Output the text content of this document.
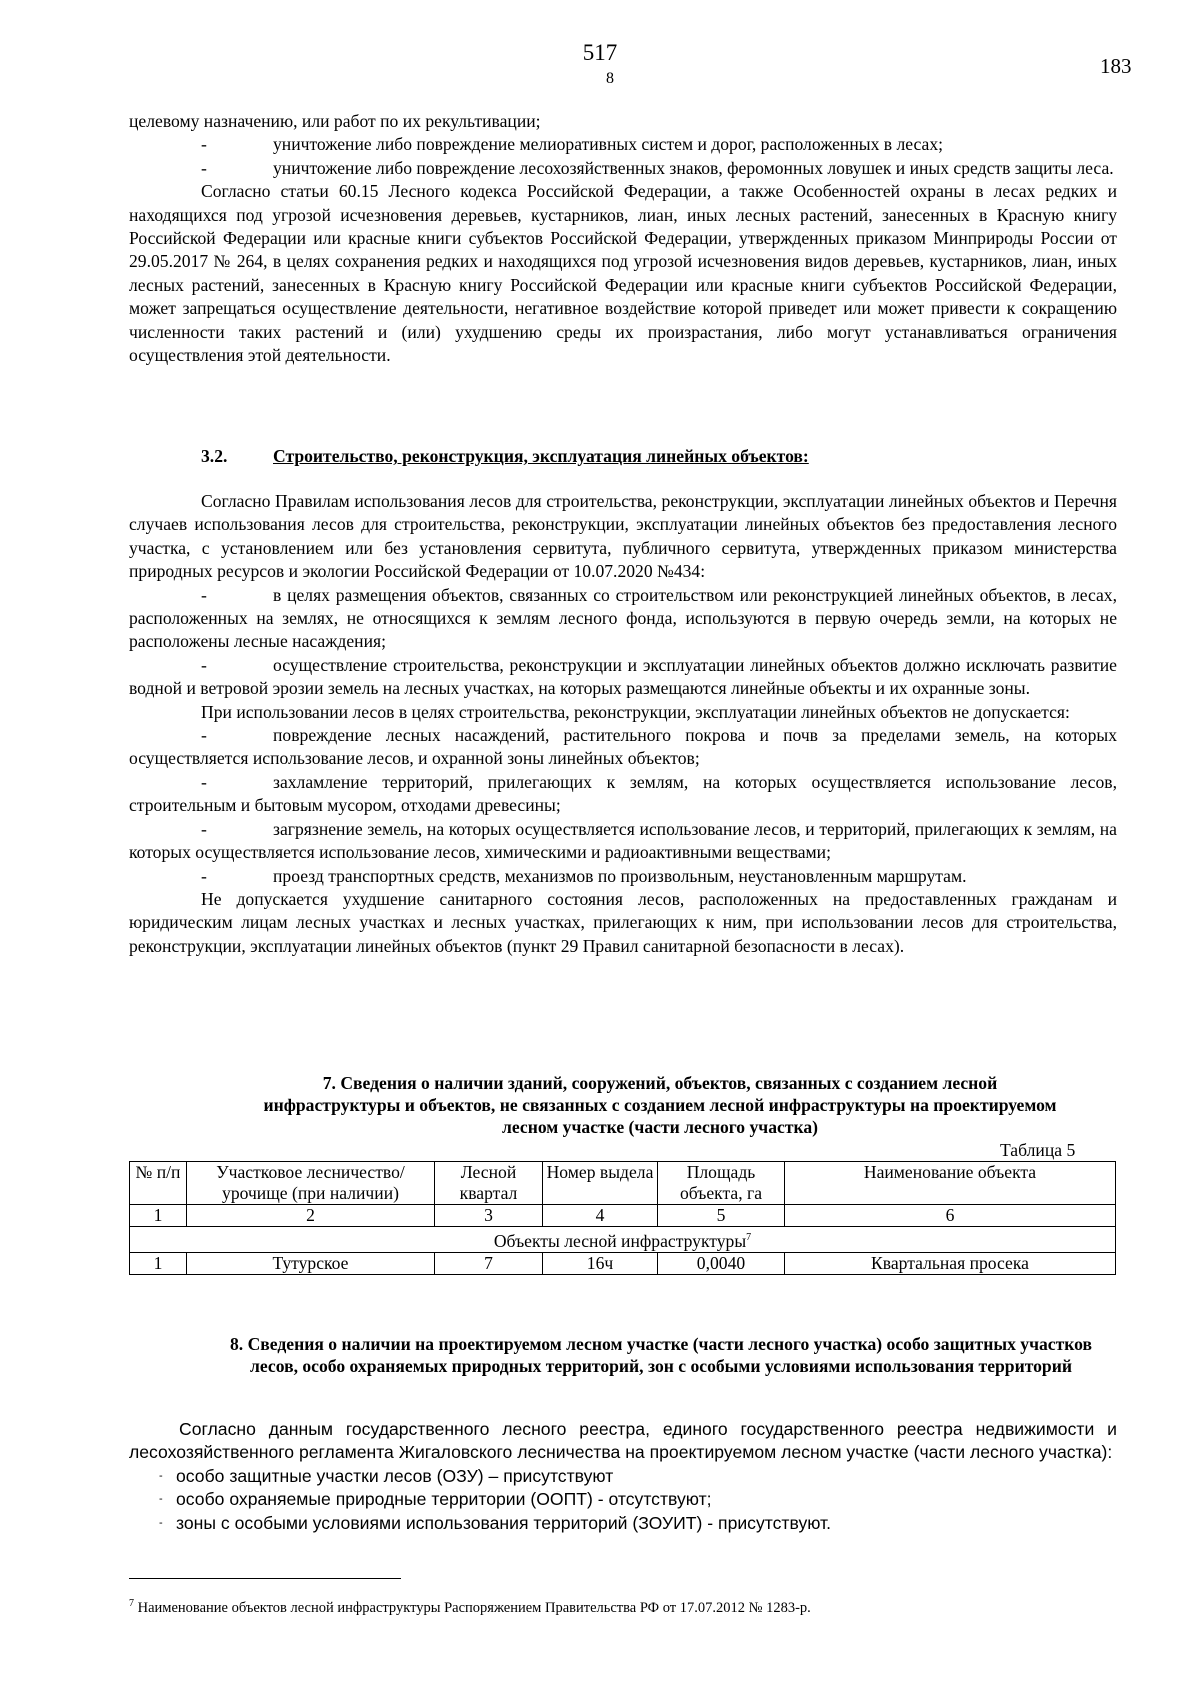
517
8
183

целевому назначению, или работ по их рекультивации;

- уничтожение либо повреждение мелиоративных систем и дорог, расположенных в лесах;

- уничтожение либо повреждение лесохозяйственных знаков, феромонных ловушек и иных средств защиты леса.

Согласно статьи 60.15 Лесного кодекса Российской Федерации, а также Особенностей охраны в лесах редких и находящихся под угрозой исчезновения деревьев, кустарников, лиан, иных лесных растений, занесенных в Красную книгу Российской Федерации или красные книги субъектов Российской Федерации, утвержденных приказом Минприроды России от 29.05.2017 № 264, в целях сохранения редких и находящихся под угрозой исчезновения видов деревьев, кустарников, лиан, иных лесных растений, занесенных в Красную книгу Российской Федерации или красные книги субъектов Российской Федерации, может запрещаться осуществление деятельности, негативное воздействие которой приведет или может привести к сокращению численности таких растений и (или) ухудшению среды их произрастания, либо могут устанавливаться ограничения осуществления этой деятельности.

3.2.	Строительство, реконструкция, эксплуатация линейных объектов:

Согласно Правилам использования лесов для строительства, реконструкции, эксплуатации линейных объектов и Перечня случаев использования лесов для строительства, реконструкции, эксплуатации линейных объектов без предоставления лесного участка, с установлением или без установления сервитута, публичного сервитута, утвержденных приказом министерства природных ресурсов и экологии Российской Федерации от 10.07.2020 №434:

- в целях размещения объектов, связанных со строительством или реконструкцией линейных объектов, в лесах, расположенных на землях, не относящихся к землям лесного фонда, используются в первую очередь земли, на которых не расположены лесные насаждения;

- осуществление строительства, реконструкции и эксплуатации линейных объектов должно исключать развитие водной и ветровой эрозии земель на лесных участках, на которых размещаются линейные объекты и их охранные зоны.

При использовании лесов в целях строительства, реконструкции, эксплуатации линейных объектов не допускается:

- повреждение лесных насаждений, растительного покрова и почв за пределами земель, на которых осуществляется использование лесов, и охранной зоны линейных объектов;

- захламление территорий, прилегающих к землям, на которых осуществляется использование лесов, строительным и бытовым мусором, отходами древесины;

- загрязнение земель, на которых осуществляется использование лесов, и территорий, прилегающих к землям, на которых осуществляется использование лесов, химическими и радиоактивными веществами;

- проезд транспортных средств, механизмов по произвольным, неустановленным маршрутам.

Не допускается ухудшение санитарного состояния лесов, расположенных на предоставленных гражданам и юридическим лицам лесных участках и лесных участках, прилегающих к ним, при использовании лесов для строительства, реконструкции, эксплуатации линейных объектов (пункт 29 Правил санитарной безопасности в лесах).

7. Сведения о наличии зданий, сооружений, объектов, связанных с созданием лесной инфраструктуры и объектов, не связанных с созданием лесной инфраструктуры на проектируемом лесном участке (части лесного участка)
Таблица 5
№ п/п	Участковое лесничество/урочище (при наличии)	Лесной квартал	Номер выдела	Площадь объекта, га	Наименование объекта
1	2	3	4	5	6
Объекты лесной инфраструктуры$^7$
1	Тутурское	7	16ч	0,0040	Квартальная просека
8. Сведения о наличии на проектируемом лесном участке (части лесного участка) особо защитных участков лесов, особо охраняемых природных территорий, зон с особыми условиями использования территорий

Согласно данным государственного лесного реестра, единого государственного реестра недвижимости и лесохозяйственного регламента Жигаловского лесничества на проектируемом лесном участке (части лесного участка):

- особо защитные участки лесов (ОЗУ) – присутствуют

- особо охраняемые природные территории (ООПТ) - отсутствуют;

- зоны с особыми условиями использования территорий (ЗОУИТ) - присутствуют.

$^7$ Наименование объектов лесной инфраструктуры Распоряжением Правительства РФ от 17.07.2012 № 1283-р.
